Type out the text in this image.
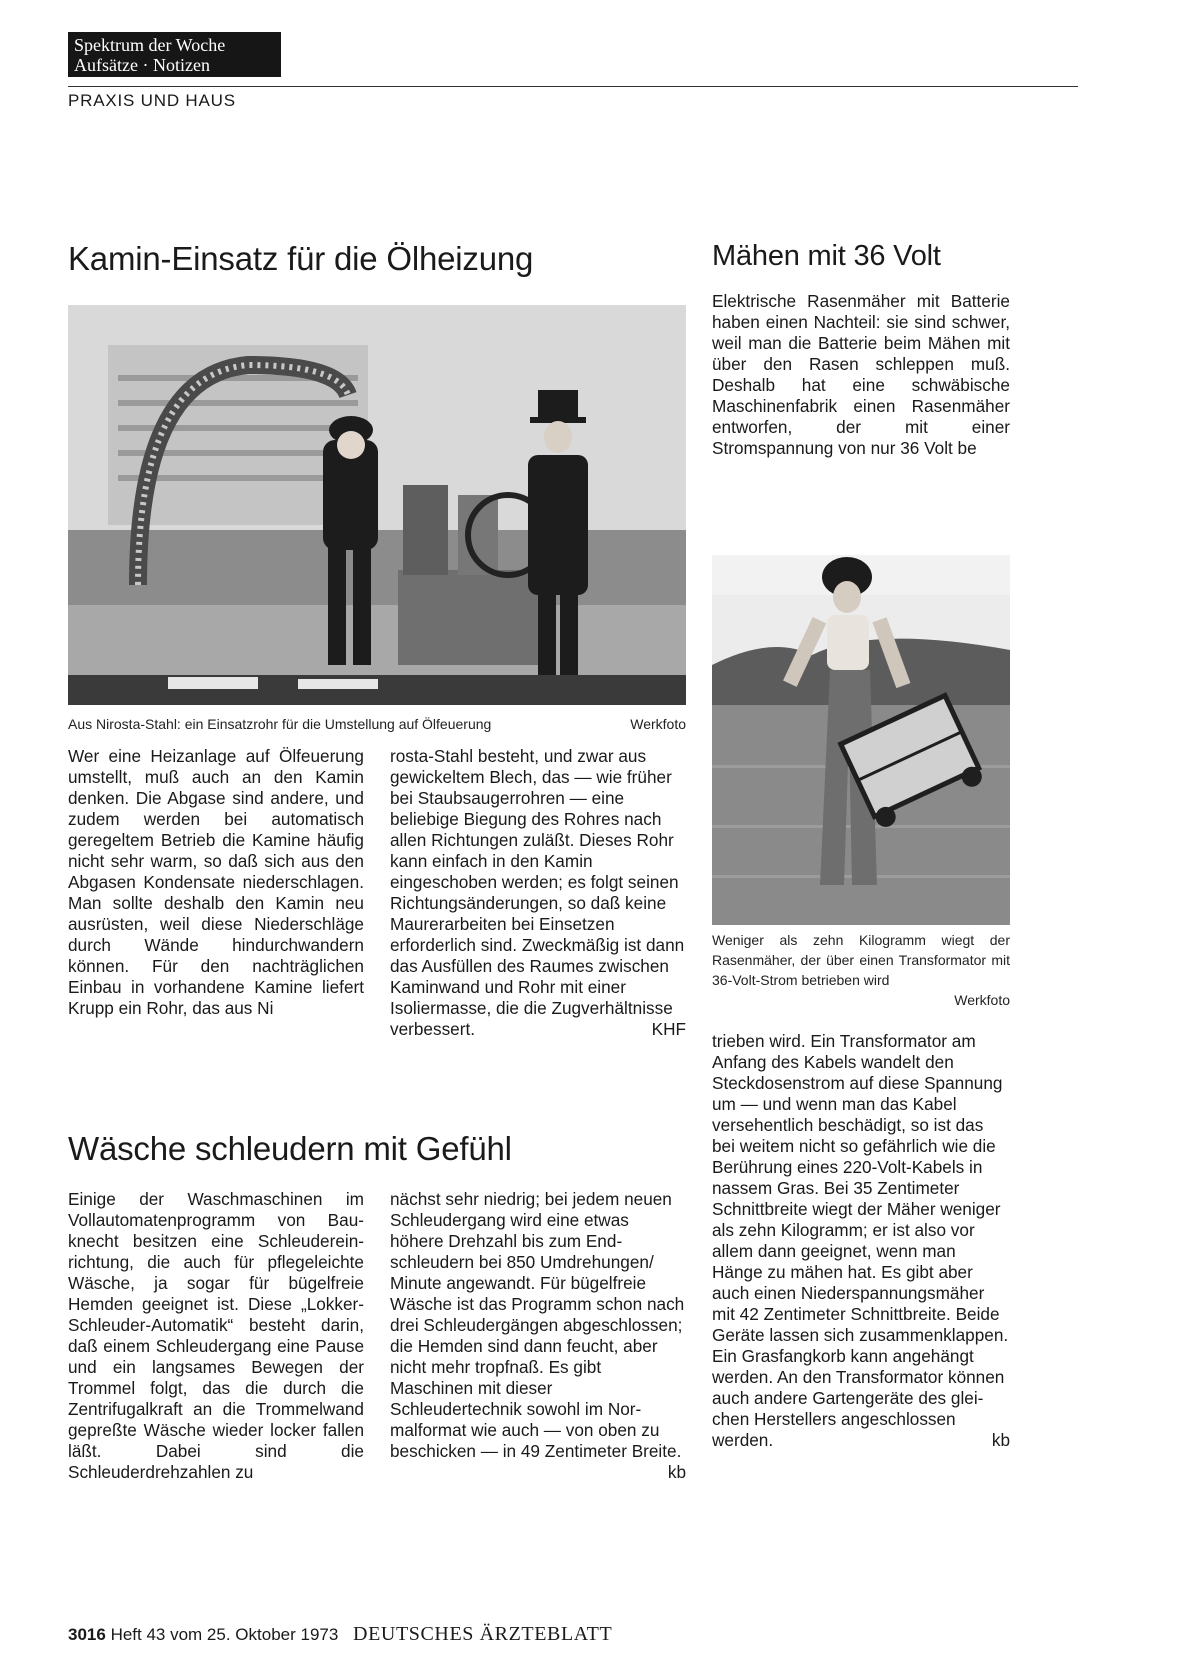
Spektrum der Woche
Aufsätze · Notizen
PRAXIS UND HAUS
Kamin-Einsatz für die Ölheizung
Aus Nirosta-Stahl: ein Einsatzrohr für die Umstellung auf Ölfeuerung	Werkfoto

Wer eine Heizanlage auf Ölfeuerung umstellt, muß auch an den Kamin denken. Die Abgase sind andere, und zudem werden bei automatisch geregeltem Betrieb die Kamine häufig nicht sehr warm, so daß sich aus den Abgasen Kondensate niederschlagen. Man sollte deshalb den Kamin neu ausrüsten, weil diese Niederschläge durch Wände hindurchwandern können. Für den nachträglichen Einbau in vorhandene Kamine liefert Krupp ein Rohr, das aus Ni

rosta-Stahl besteht, und zwar aus gewickeltem Blech, das — wie früher bei Staubsaugerrohren — eine beliebige Biegung des Rohres nach allen Richtungen zuläßt. Dieses Rohr kann einfach in den Kamin eingeschoben werden; es folgt seinen Richtungsänderungen, so daß keine Maurerarbeiten bei Einsetzen erforderlich sind. Zweckmäßig ist dann das Ausfüllen des Raumes zwischen Kaminwand und Rohr mit einer Isoliermasse, die die Zugverhältnisse verbessert.	KHF
Wäsche schleudern mit Gefühl

Einige der Waschmaschinen im Vollautomatenprogramm von Bauknecht besitzen eine Schleudereinrichtung, die auch für pflegeleichte Wäsche, ja sogar für bügelfreie Hemden geeignet ist. Diese „Lokker-Schleuder-Automatik“ besteht darin, daß einem Schleudergang eine Pause und ein langsames Bewegen der Trommel folgt, das die durch die Zentrifugalkraft an die Trommelwand gepreßte Wäsche wieder locker fallen läßt. Dabei sind die Schleuderdrehzahlen zu

nächst sehr niedrig; bei jedem neuen Schleudergang wird eine etwas höhere Drehzahl bis zum Endschleudern bei 850 Umdrehungen/ Minute angewandt. Für bügelfreie Wäsche ist das Programm schon nach drei Schleudergängen abgeschlossen; die Hemden sind dann feucht, aber nicht mehr tropfnaß. Es gibt Maschinen mit dieser Schleudertechnik sowohl im Normalformat wie auch — von oben zu beschicken — in 49 Zentimeter Breite.

kb
Mähen mit 36 Volt

Elektrische Rasenmäher mit Batterie haben einen Nachteil: sie sind schwer, weil man die Batterie beim Mähen mit über den Rasen schleppen muß. Deshalb hat eine schwäbische Maschinenfabrik einen Rasenmäher entworfen, der mit einer Stromspannung von nur 36 Volt be

Weniger als zehn Kilogramm wiegt der Rasenmäher, der über einen Transformator mit 36-Volt-Strom betrieben wird
Werkfoto

trieben wird. Ein Transformator am Anfang des Kabels wandelt den Steckdosenstrom auf diese Spannung um — und wenn man das Kabel versehentlich beschädigt, so ist das bei weitem nicht so gefährlich wie die Berührung eines 220-Volt-Kabels in nassem Gras. Bei 35 Zentimeter Schnittbreite wiegt der Mäher weniger als zehn Kilogramm; er ist also vor allem dann geeignet, wenn man Hänge zu mähen hat. Es gibt aber auch einen Niederspannungsmäher mit 42 Zentimeter Schnittbreite. Beide Geräte lassen sich zusammenklappen. Ein Grasfangkorb kann angehängt werden. An den Transformator können auch andere Gartengeräte des gleichen Herstellers angeschlossen werden.	kb
3016 Heft 43 vom 25. Oktober 1973 DEUTSCHES ÄRZTEBLATT
